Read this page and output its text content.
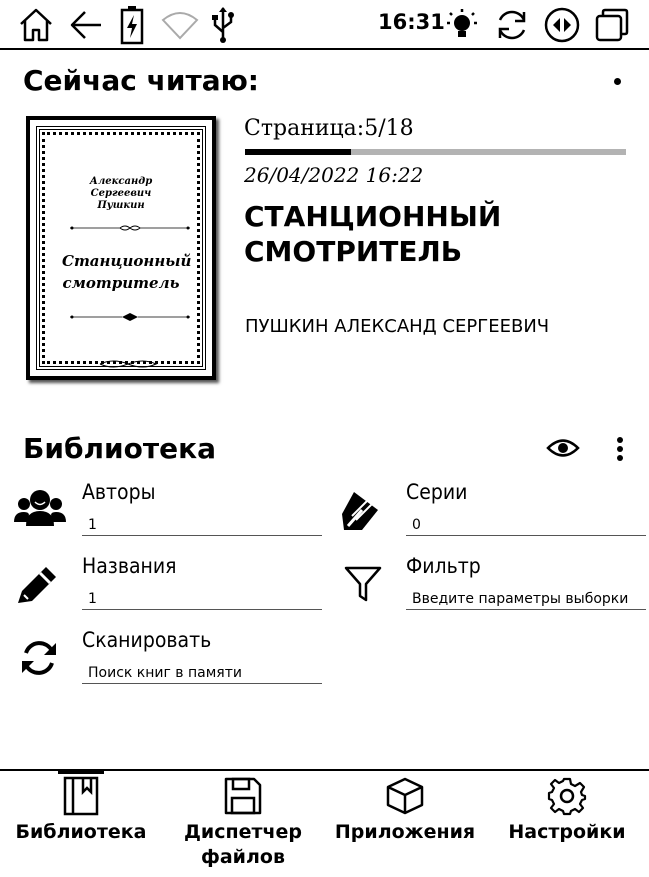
16:31
Сейчас читаю:
Александр Сергеевич Пушкин
Станционный смотритель
Страница:5/18
26/04/2022 16:22
СТАНЦИОННЫЙ СМОТРИТЕЛЬ
ПУШКИН АЛЕКСАНД СЕРГЕЕВИЧ
Библиотека
Авторы
1
Серии
0
Названия
1
Фильтр
Введите параметры выборки
Сканировать
Поиск книг в памяти
Библиотека	Диспетчер файлов
Приложения	Настройки
